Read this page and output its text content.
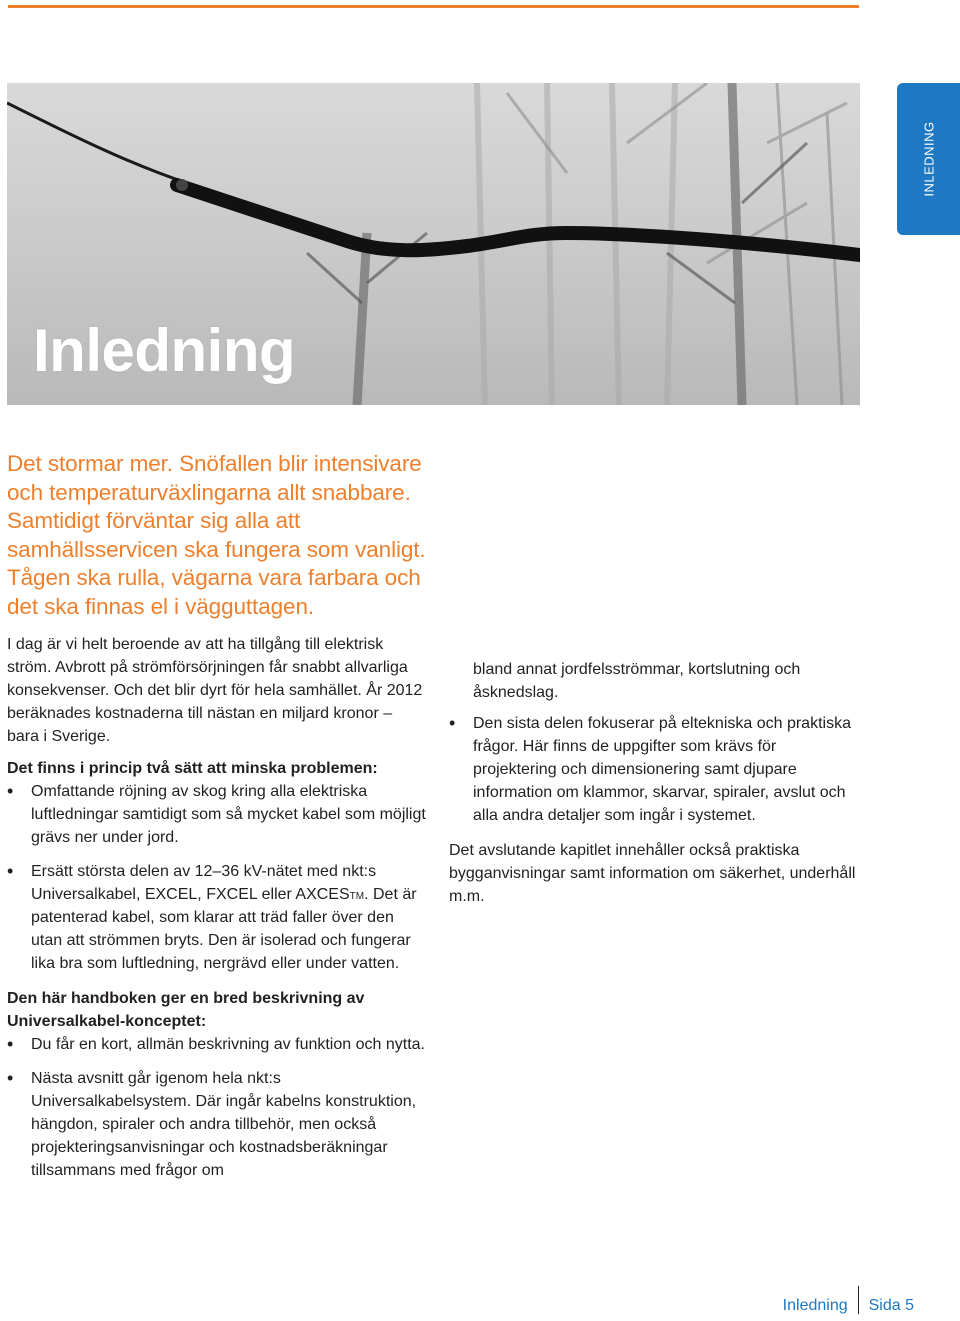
Inledning
INLEDNING

Det stormar mer. Snöfallen blir intensivare och temperaturväxlingarna allt snabbare. Samtidigt förväntar sig alla att samhällsservicen ska fungera som vanligt. Tågen ska rulla, vägarna vara farbara och det ska finnas el i vägguttagen.

I dag är vi helt beroende av att ha tillgång till elektrisk ström. Avbrott på strömförsörjningen får snabbt allvarliga konsekvenser. Och det blir dyrt för hela samhället. År 2012 beräknades kostnaderna till nästan en miljard kronor – bara i Sverige.

Det finns i princip två sätt att minska problemen:

• Omfattande röjning av skog kring alla elektriska luftledningar samtidigt som så mycket kabel som möjligt grävs ner under jord.
• Ersätt största delen av 12–36 kV-nätet med nkt:s Universalkabel, EXCEL, FXCEL eller AXCES™. Det är patenterad kabel, som klarar att träd faller över den utan att strömmen bryts. Den är isolerad och fungerar lika bra som luftledning, nergrävd eller under vatten.

Den här handboken ger en bred beskrivning av Universalkabel-konceptet:

• Du får en kort, allmän beskrivning av funktion och nytta.
• Nästa avsnitt går igenom hela nkt:s Universalkabelsystem. Där ingår kabelns konstruktion, hängdon, spiraler och andra tillbehör, men också projekteringsanvisningar och kostnadsberäkningar tillsammans med frågor om
bland annat jordfelsströmmar, kortslutning och åsknedslag.
• Den sista delen fokuserar på eltekniska och praktiska frågor. Här finns de uppgifter som krävs för projektering och dimensionering samt djupare information om klammor, skarvar, spiraler, avslut och alla andra detaljer som ingår i systemet.

Det avslutande kapitlet innehåller också praktiska bygganvisningar samt information om säkerhet, underhåll m.m.

Inledning Sida 5
